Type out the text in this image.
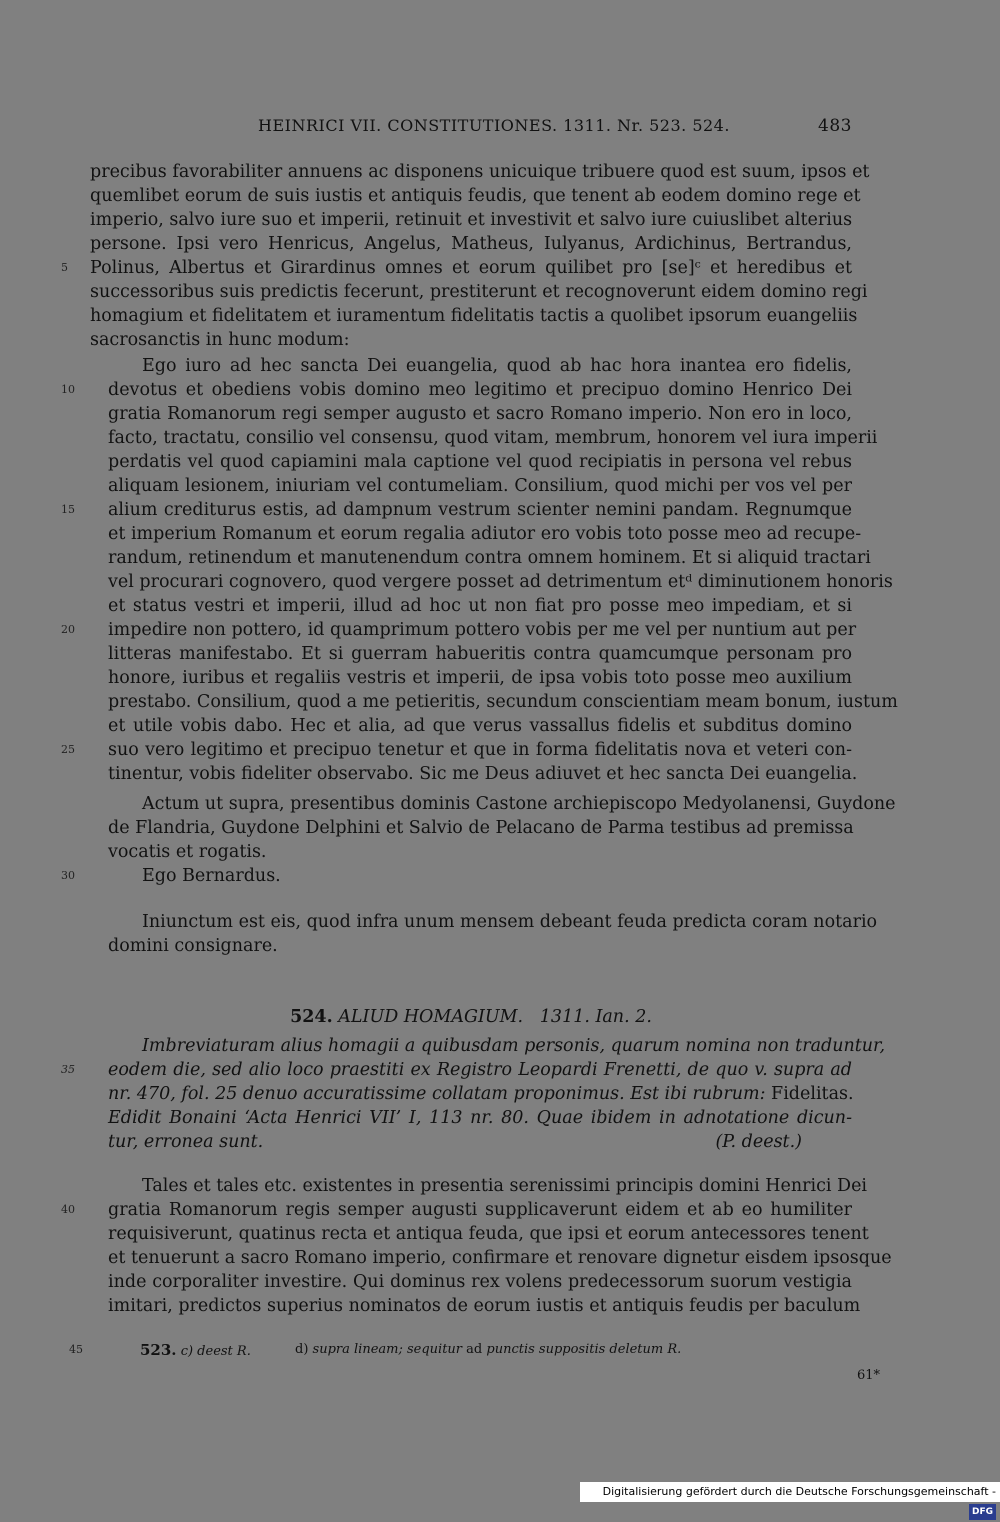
HEINRICI VII. CONSTITUTIONES. 1311. Nr. 523. 524.	483
precibus favorabiliter annuens ac disponens unicuique tribuere quod est suum, ipsos et
quemlibet eorum de suis iustis et antiquis feudis, que tenent ab eodem domino rege et
imperio, salvo iure suo et imperii, retinuit et investivit et salvo iure cuiuslibet alterius
persone. Ipsi vero Henricus, Angelus, Matheus, Iulyanus, Ardichinus, Bertrandus,
Polinus, Albertus et Girardinus omnes et eorum quilibet pro [se]ᶜ et heredibus et
5
successoribus suis predictis fecerunt, prestiterunt et recognoverunt eidem domino regi
homagium et fidelitatem et iuramentum fidelitatis tactis a quolibet ipsorum euangeliis
sacrosanctis in hunc modum:
Ego iuro ad hec sancta Dei euangelia, quod ab hac hora inantea ero fidelis,
devotus et obediens vobis domino meo legitimo et precipuo domino Henrico Dei
10
gratia Romanorum regi semper augusto et sacro Romano imperio. Non ero in loco,
facto, tractatu, consilio vel consensu, quod vitam, membrum, honorem vel iura imperii
perdatis vel quod capiamini mala captione vel quod recipiatis in persona vel rebus
aliquam lesionem, iniuriam vel contumeliam. Consilium, quod michi per vos vel per
alium crediturus estis, ad dampnum vestrum scienter nemini pandam. Regnumque
15
et imperium Romanum et eorum regalia adiutor ero vobis toto posse meo ad recupe-
randum, retinendum et manutenendum contra omnem hominem. Et si aliquid tractari
vel procurari cognovero, quod vergere posset ad detrimentum etᵈ diminutionem honoris
et status vestri et imperii, illud ad hoc ut non fiat pro posse meo impediam, et si
impedire non pottero, id quamprimum pottero vobis per me vel per nuntium aut per
20
litteras manifestabo. Et si guerram habueritis contra quamcumque personam pro
honore, iuribus et regaliis vestris et imperii, de ipsa vobis toto posse meo auxilium
prestabo. Consilium, quod a me petieritis, secundum conscientiam meam bonum, iustum
et utile vobis dabo. Hec et alia, ad que verus vassallus fidelis et subditus domino
suo vero legitimo et precipuo tenetur et que in forma fidelitatis nova et veteri con-
25
tinentur, vobis fideliter observabo. Sic me Deus adiuvet et hec sancta Dei euangelia.
Actum ut supra, presentibus dominis Castone archiepiscopo Medyolanensi, Guydone
de Flandria, Guydone Delphini et Salvio de Pelacano de Parma testibus ad premissa
vocatis et rogatis.
Ego Bernardus.
30
Iniunctum est eis, quod infra unum mensem debeant feuda predicta coram notario
domini consignare.
524. ALIUD HOMAGIUM. 1311. Ian. 2.
Imbreviaturam alius homagii a quibusdam personis, quarum nomina non traduntur,
eodem die, sed alio loco praestiti ex Registro Leopardi Frenetti, de quo v. supra ad
35
nr. 470, fol. 25 denuo accuratissime collatam proponimus. Est ibi rubrum: Fidelitas.
Edidit Bonaini ‘Acta Henrici VII’ I, 113 nr. 80. Quae ibidem in adnotatione dicun-
tur, erronea sunt.	(P. deest.)
Tales et tales etc. existentes in presentia serenissimi principis domini Henrici Dei
gratia Romanorum regis semper augusti supplicaverunt eidem et ab eo humiliter
40
requisiverunt, quatinus recta et antiqua feuda, que ipsi et eorum antecessores tenent
et tenuerunt a sacro Romano imperio, confirmare et renovare dignetur eisdem ipsosque
inde corporaliter investire. Qui dominus rex volens predecessorum suorum vestigia
imitari, predictos superius nominatos de eorum iustis et antiquis feudis per baculum
45	523. c) deest R.	d) supra lineam; sequitur ad punctis suppositis deletum R.
61*
Digitalisierung gefördert durch die Deutsche Forschungsgemeinschaft - DFG
